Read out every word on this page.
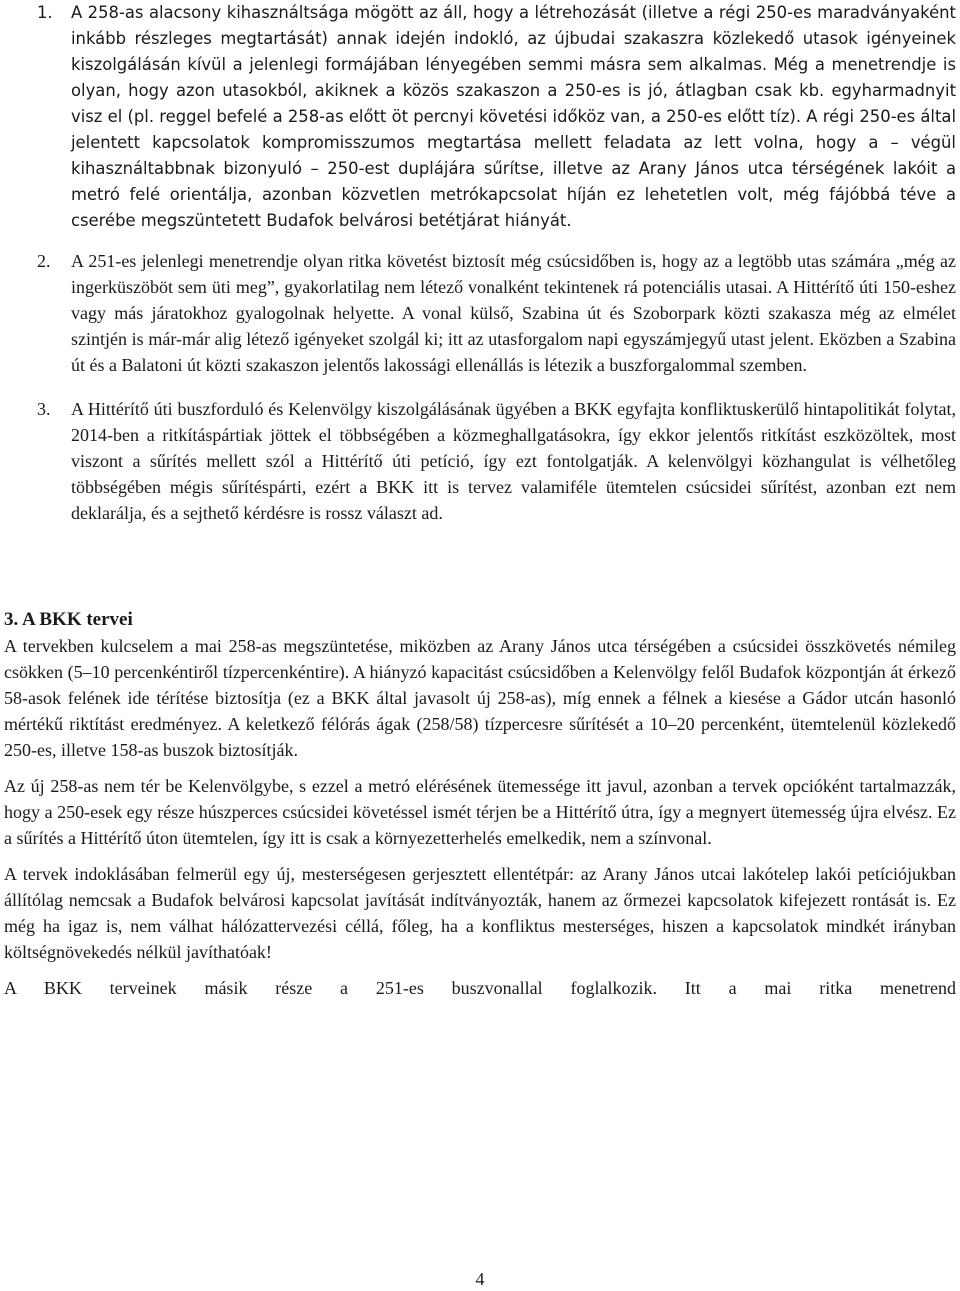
1. A 258-as alacsony kihasználtsága mögött az áll, hogy a létrehozását (illetve a régi 250-es maradványaként inkább részleges megtartását) annak idején indokló, az újbudai szakaszra közlekedő utasok igényeinek kiszolgálásán kívül a jelenlegi formájában lényegében semmi másra sem alkalmas. Még a menetrendje is olyan, hogy azon utasokból, akiknek a közös szakaszon a 250-es is jó, átlagban csak kb. egyharmadnyit visz el (pl. reggel befelé a 258-as előtt öt percnyi követési időköz van, a 250-es előtt tíz). A régi 250-es által jelentett kapcsolatok kompromisszumos megtartása mellett feladata az lett volna, hogy a – végül kihasználtabbnak bizonyuló – 250-est duplájára sűrítse, illetve az Arany János utca térségének lakóit a metró felé orientálja, azonban közvetlen metrókapcsolat híján ez lehetetlen volt, még fájóbbá téve a cserébe megszüntetett Budafok belvárosi betétjárat hiányát.

2. A 251-es jelenlegi menetrendje olyan ritka követést biztosít még csúcsidőben is, hogy az a legtöbb utas számára „még az ingerküszöböt sem üti meg”, gyakorlatilag nem létező vonalként tekintenek rá potenciális utasai. A Hittérítő úti 150-eshez vagy más járatokhoz gyalogolnak helyette. A vonal külső, Szabina út és Szoborpark közti szakasza még az elmélet szintjén is már-már alig létező igényeket szolgál ki; itt az utasforgalom napi egyszámjegyű utast jelent. Eközben a Szabina út és a Balatoni út közti szakaszon jelentős lakossági ellenállás is létezik a buszforgalommal szemben.

3. A Hittérítő úti buszforduló és Kelenvölgy kiszolgálásának ügyében a BKK egyfajta konfliktuskerülő hintapolitikát folytat, 2014-ben a ritkításpártiak jöttek el többségében a közmeghallgatásokra, így ekkor jelentős ritkítást eszközöltek, most viszont a sűrítés mellett szól a Hittérítő úti petíció, így ezt fontolgatják. A kelenvölgyi közhangulat is vélhetőleg többségében mégis sűrítéspárti, ezért a BKK itt is tervez valamiféle ütemtelen csúcsidei sűrítést, azonban ezt nem deklarálja, és a sejthető kérdésre is rossz választ ad.

3. A BKK tervei

A tervekben kulcselem a mai 258-as megszüntetése, miközben az Arany János utca térségében a csúcsidei összkövetés némileg csökken (5–10 percenkéntiről tízpercenkéntire). A hiányzó kapacitást csúcsidőben a Kelenvölgy felől Budafok központján át érkező 58-asok felének ide térítése biztosítja (ez a BKK által javasolt új 258-as), míg ennek a félnek a kiesése a Gádor utcán hasonló mértékű riktítást eredményez. A keletkező félórás ágak (258/58) tízpercesre sűrítését a 10–20 percenként, ütemtelenül közlekedő 250-es, illetve 158-as buszok biztosítják.

Az új 258-as nem tér be Kelenvölgybe, s ezzel a metró elérésének ütemessége itt javul, azonban a tervek opcióként tartalmazzák, hogy a 250-esek egy része húszperces csúcsidei követéssel ismét térjen be a Hittérítő útra, így a megnyert ütemesség újra elvész. Ez a sűrítés a Hittérítő úton ütemtelen, így itt is csak a környezetterhelés emelkedik, nem a színvonal.

A tervek indoklásában felmerül egy új, mesterségesen gerjesztett ellentétpár: az Arany János utcai lakótelep lakói petíciójukban állítólag nemcsak a Budafok belvárosi kapcsolat javítását indítványozták, hanem az őrmezei kapcsolatok kifejezett rontását is. Ez még ha igaz is, nem válhat hálózattervezési céllá, főleg, ha a konfliktus mesterséges, hiszen a kapcsolatok mindkét irányban költségnövekedés nélkül javíthatóak!

A BKK terveinek másik része a 251-es buszvonallal foglalkozik. Itt a mai ritka menetrend

4
